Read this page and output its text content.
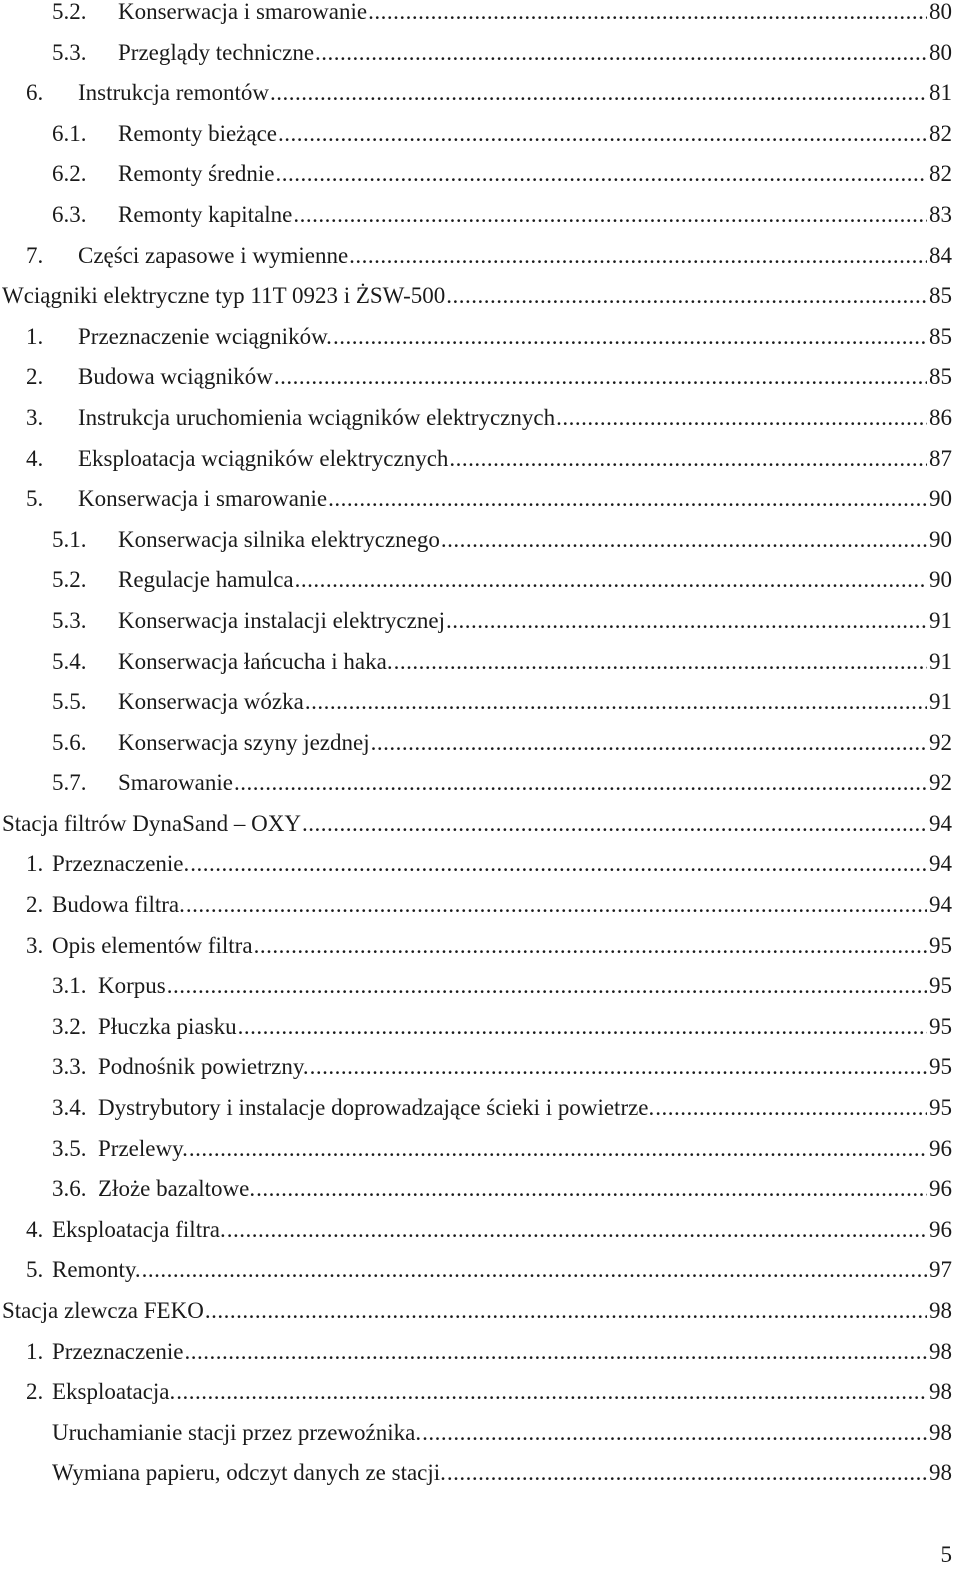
5.2.	Konserwacja i smarowanie .....	80
5.3.	Przeglądy techniczne .....	80
6.	Instrukcja remontów .....	81
6.1.	Remonty bieżące .....	82
6.2.	Remonty średnie .....	82
6.3.	Remonty kapitalne .....	83
7.	Części zapasowe i wymienne .....	84
Wciągniki elektryczne typ 11T 0923 i ŻSW-500 .....	85
1.	Przeznaczenie wciągników. .....	85
2.	Budowa wciągników .....	85
3.	Instrukcja uruchomienia wciągników elektrycznych .....	86
4.	Eksploatacja wciągników elektrycznych .....	87
5.	Konserwacja i smarowanie .....	90
5.1.	Konserwacja silnika elektrycznego .....	90
5.2.	Regulacje hamulca .....	90
5.3.	Konserwacja instalacji elektrycznej .....	91
5.4.	Konserwacja łańcucha i haka. .....	91
5.5.	Konserwacja wózka .....	91
5.6.	Konserwacja szyny jezdnej .....	92
5.7.	Smarowanie .....	92
Stacja filtrów DynaSand – OXY .....	94
1. Przeznaczenie. .....	94
2. Budowa filtra. .....	94
3. Opis elementów filtra .....	95
3.1. Korpus .....	95
3.2. Płuczka piasku .....	95
3.3. Podnośnik powietrzny. .....	95
3.4. Dystrybutory i instalacje doprowadzające ścieki i powietrze. .....	95
3.5. Przelewy. .....	96
3.6. Złoże bazaltowe. .....	96
4. Eksploatacja filtra. .....	96
5. Remonty. .....	97
Stacja zlewcza FEKO .....	98
1. Przeznaczenie .....	98
2. Eksploatacja. .....	98
Uruchamianie stacji przez przewoźnika. .....	98
Wymiana papieru, odczyt danych ze stacji. .....	98
5
